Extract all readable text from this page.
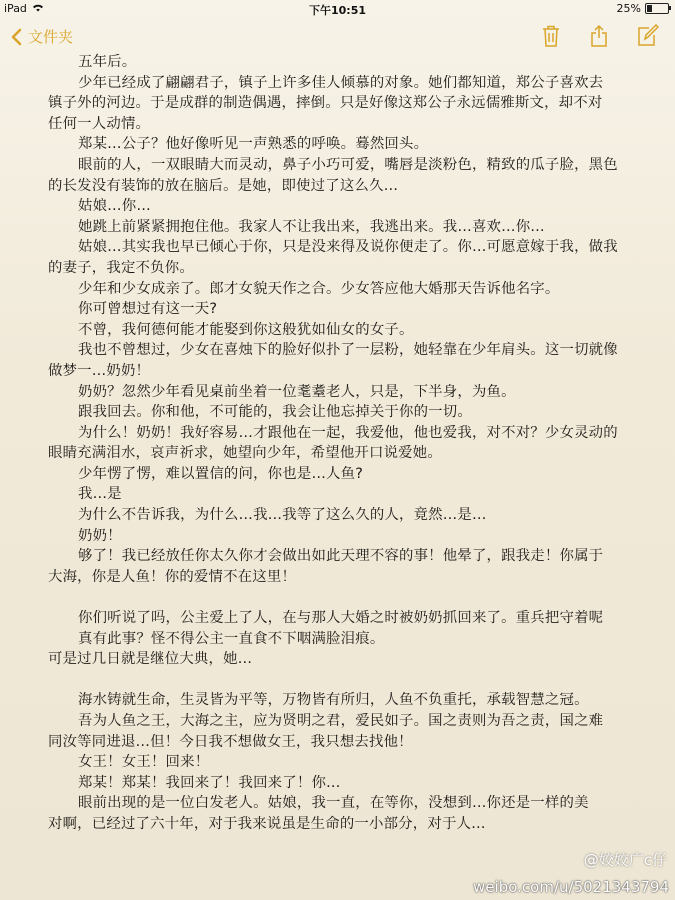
iPad	下午10:51	25%
文件夹

五年后。

少年已经成了翩翩君子，镇子上许多佳人倾慕的对象。她们都知道，郑公子喜欢去

镇子外的河边。于是成群的制造偶遇，摔倒。只是好像这郑公子永远儒雅斯文，却不对

任何一人动情。

郑某…公子？他好像听见一声熟悉的呼唤。蓦然回头。

眼前的人，一双眼睛大而灵动，鼻子小巧可爱，嘴唇是淡粉色，精致的瓜子脸，黑色

的长发没有装饰的放在脑后。是她，即使过了这么久…

姑娘…你…

她跳上前紧紧拥抱住他。我家人不让我出来，我逃出来。我…喜欢…你…

姑娘…其实我也早已倾心于你，只是没来得及说你便走了。你…可愿意嫁于我，做我

的妻子，我定不负你。

少年和少女成亲了。郎才女貌天作之合。少女答应他大婚那天告诉他名字。

你可曾想过有这一天?

不曾，我何德何能才能娶到你这般犹如仙女的女子。

我也不曾想过，少女在喜烛下的脸好似扑了一层粉，她轻靠在少年肩头。这一切就像

做梦一…奶奶！

奶奶？忽然少年看见桌前坐着一位耄耋老人，只是，下半身，为鱼。

跟我回去。你和他，不可能的，我会让他忘掉关于你的一切。

为什么！奶奶！我好容易…才跟他在一起，我爱他，他也爱我，对不对？少女灵动的

眼睛充满泪水，哀声祈求，她望向少年，希望他开口说爱她。

少年愣了愣，难以置信的问，你也是…人鱼?

我…是

为什么不告诉我，为什么…我…我等了这么久的人，竟然…是…

奶奶！

够了！我已经放任你太久你才会做出如此天理不容的事！他晕了，跟我走！你属于

大海，你是人鱼！你的爱情不在这里！

你们听说了吗，公主爱上了人，在与那人大婚之时被奶奶抓回来了。重兵把守着呢

真有此事？怪不得公主一直食不下咽满脸泪痕。

可是过几日就是继位大典，她…

海水铸就生命，生灵皆为平等，万物皆有所归，人鱼不负重托，承载智慧之冠。

吾为人鱼之王，大海之主，应为贤明之君，爱民如子。国之责则为吾之责，国之难

同汝等同进退…但！今日我不想做女王，我只想去找他！

女王！女王！回来！

郑某！郑某！我回来了！我回来了！你…

眼前出现的是一位白发老人。姑娘，我一直，在等你，没想到…你还是一样的美

对啊，已经过了六十年，对于我来说虽是生命的一小部分，对于人…

@姣姣广c仔
weibo.com/u/5021343794
